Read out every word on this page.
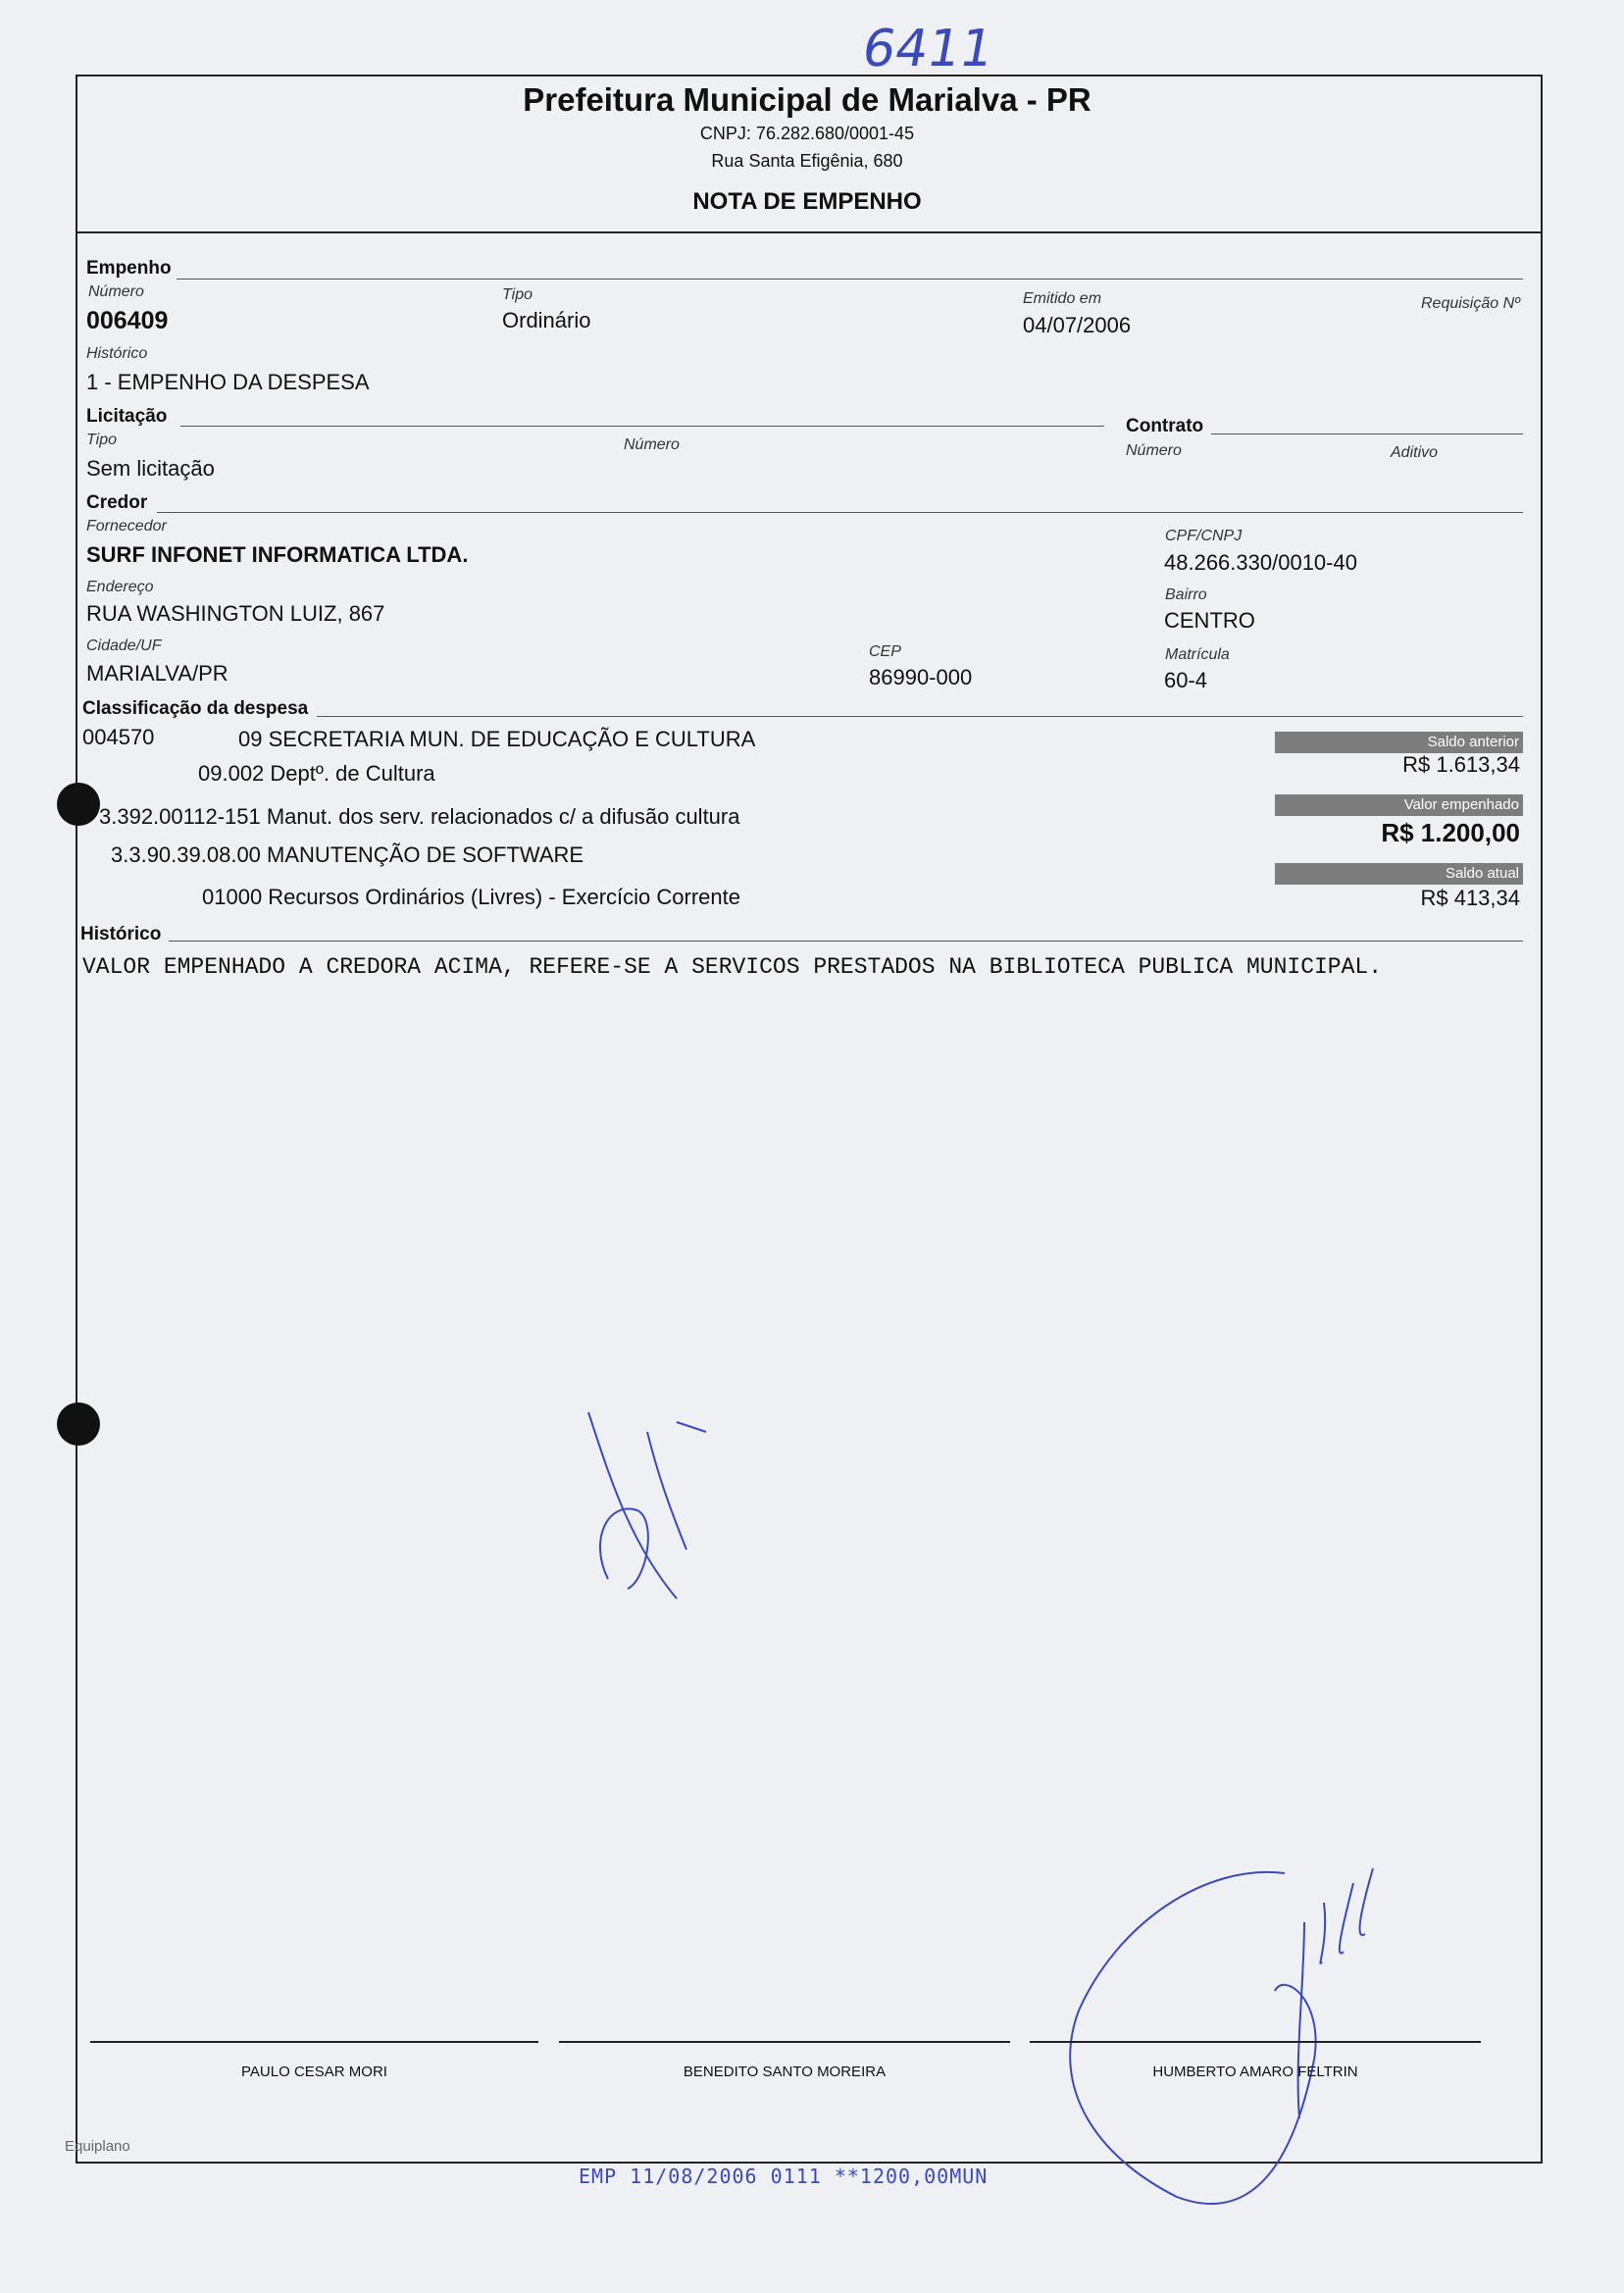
6411
Prefeitura Municipal de Marialva - PR
CNPJ: 76.282.680/0001-45
Rua Santa Efigênia, 680
NOTA DE EMPENHO
Empenho
Número
006409
Tipo
Ordinário
Emitido em
04/07/2006
Requisição Nº
Histórico
1 - EMPENHO DA DESPESA
Licitação
Tipo
Sem licitação
Número
Contrato
Número	Aditivo
Credor
Fornecedor
SURF INFONET INFORMATICA LTDA.
CPF/CNPJ
48.266.330/0010-40
Endereço
RUA WASHINGTON LUIZ, 867
Bairro
CENTRO
Cidade/UF
MARIALVA/PR
CEP
86990-000
Matrícula
60-4
Classificação da despesa
004570	09 SECRETARIA MUN. DE EDUCAÇÃO E CULTURA
09.002 Deptº. de Cultura
3.392.00112-151 Manut. dos serv. relacionados c/ a difusão cultura
3.3.90.39.08.00 MANUTENÇÃO DE SOFTWARE
01000 Recursos Ordinários (Livres) - Exercício Corrente
Saldo anterior
R$ 1.613,34
Valor empenhado
R$ 1.200,00
Saldo atual
R$ 413,34
Histórico
VALOR EMPENHADO A CREDORA ACIMA, REFERE-SE A SERVICOS PRESTADOS NA BIBLIOTECA PUBLICA MUNICIPAL.
PAULO CESAR MORI	BENEDITO SANTO MOREIRA	HUMBERTO AMARO FELTRIN
Equiplano
EMP 11/08/2006 0111 **1200,00MUN
